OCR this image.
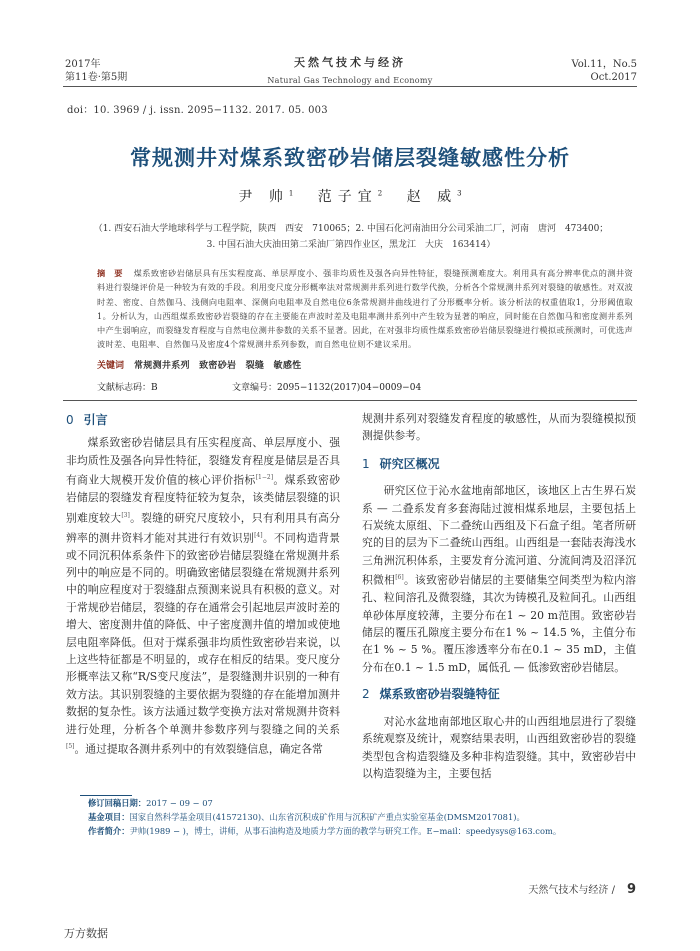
2017年
第11卷·第5期
天然气技术与经济
Natural Gas Technology and Economy
Vol.11，No.5
Oct.2017
doi：10. 3969 / j. issn. 2095−1132. 2017. 05. 003
常规测井对煤系致密砂岩储层裂缝敏感性分析
尹 帅$^1$ 范子宜$^2$ 赵 威$^3$
（1. 西安石油大学地球科学与工程学院，陕西　西安　710065；2. 中国石化河南油田分公司采油二厂，河南　唐河　473400；
3. 中国石油大庆油田第二采油厂第四作业区，黑龙江　大庆　163414）
摘 要 煤系致密砂岩储层具有压实程度高、单层厚度小、强非均质性及强各向异性特征，裂缝预测难度大。利用具有高分辨率优点的测井资料进行裂缝评价是一种较为有效的手段。利用变尺度分形概率法对常规测井系列进行数学代换，分析各个常规测井系列对裂缝的敏感性。对双波时差、密度、自然伽马、浅侧向电阻率、深侧向电阻率及自然电位6条常规测井曲线进行了分形概率分析。该分析法的权重值取1，分形阈值取1。分析认为，山西组煤系致密砂岩裂缝的存在主要能在声波时差及电阻率测井系列中产生较为显著的响应，同时能在自然伽马和密度测井系列中产生弱响应，而裂缝发育程度与自然电位测井参数的关系不显著。因此，在对强非均质性煤系致密砂岩储层裂缝进行模拟或预测时，可优选声波时差、电阻率、自然伽马及密度4个常规测井系列参数，而自然电位则不建议采用。
关键词 常规测井系列　致密砂岩　裂缝　敏感性
文献标志码：B	文章编号：2095−1132(2017)04−0009−04
0 引言

煤系致密砂岩储层具有压实程度高、单层厚度小、强非均质性及强各向异性特征，裂缝发育程度是储层是否具有商业大规模开发价值的核心评价指标[1−2]。煤系致密砂岩储层的裂缝发育程度特征较为复杂，该类储层裂缝的识别难度较大[3]。裂缝的研究尺度较小，只有利用具有高分辨率的测井资料才能对其进行有效识别[4]。不同构造背景或不同沉积体系条件下的致密砂岩储层裂缝在常规测井系列中的响应是不同的。明确致密储层裂缝在常规测井系列中的响应程度对于裂缝甜点预测来说具有积极的意义。对于常规砂岩储层，裂缝的存在通常会引起地层声波时差的增大、密度测井值的降低、中子密度测井值的增加或使地层电阻率降低。但对于煤系强非均质性致密砂岩来说，以上这些特征都是不明显的，或存在相反的结果。变尺度分形概率法又称“R/S变尺度法”，是裂缝测井识别的一种有效方法。其识别裂缝的主要依据为裂缝的存在能增加测井数据的复杂性。该方法通过数学变换方法对常规测井资料进行处理，分析各个单测井参数序列与裂缝之间的关系[5]。通过提取各测井系列中的有效裂缝信息，确定各常

规测井系列对裂缝发育程度的敏感性，从而为裂缝模拟预测提供参考。

1 研究区概况

研究区位于沁水盆地南部地区，该地区上古生界石炭系 — 二叠系发育多套海陆过渡相煤系地层，主要包括上石炭统太原组、下二叠统山西组及下石盒子组。笔者所研究的目的层为下二叠统山西组。山西组是一套陆表海浅水三角洲沉积体系，主要发育分流河道、分流间湾及沼泽沉积微相[6]。该致密砂岩储层的主要储集空间类型为粒内溶孔、粒间溶孔及微裂缝，其次为铸模孔及粒间孔。山西组单砂体厚度较薄，主要分布在1 ~ 20 m范围。致密砂岩储层的覆压孔隙度主要分布在1 % ~ 14.5 %，主值分布在1 % ~ 5 %。覆压渗透率分布在0.1 ~ 35 mD，主值分布在0.1 ~ 1.5 mD，属低孔 — 低渗致密砂岩储层。

2 煤系致密砂岩裂缝特征

对沁水盆地南部地区取心井的山西组地层进行了裂缝系统观察及统计，观察结果表明，山西组致密砂岩的裂缝类型包含构造裂缝及多种非构造裂缝。其中，致密砂岩中以构造裂缝为主，主要包括

修订回稿日期：2017 − 09 − 07
基金项目：国家自然科学基金项目(41572130)、山东省沉积成矿作用与沉积矿产重点实验室基金(DMSM2017081)。
作者简介：尹帅(1989 − )，博士，讲师，从事石油构造及地质力学方面的教学与研究工作。E−mail：speedysys@163.com。
天然气技术与经济 / 9
万方数据
